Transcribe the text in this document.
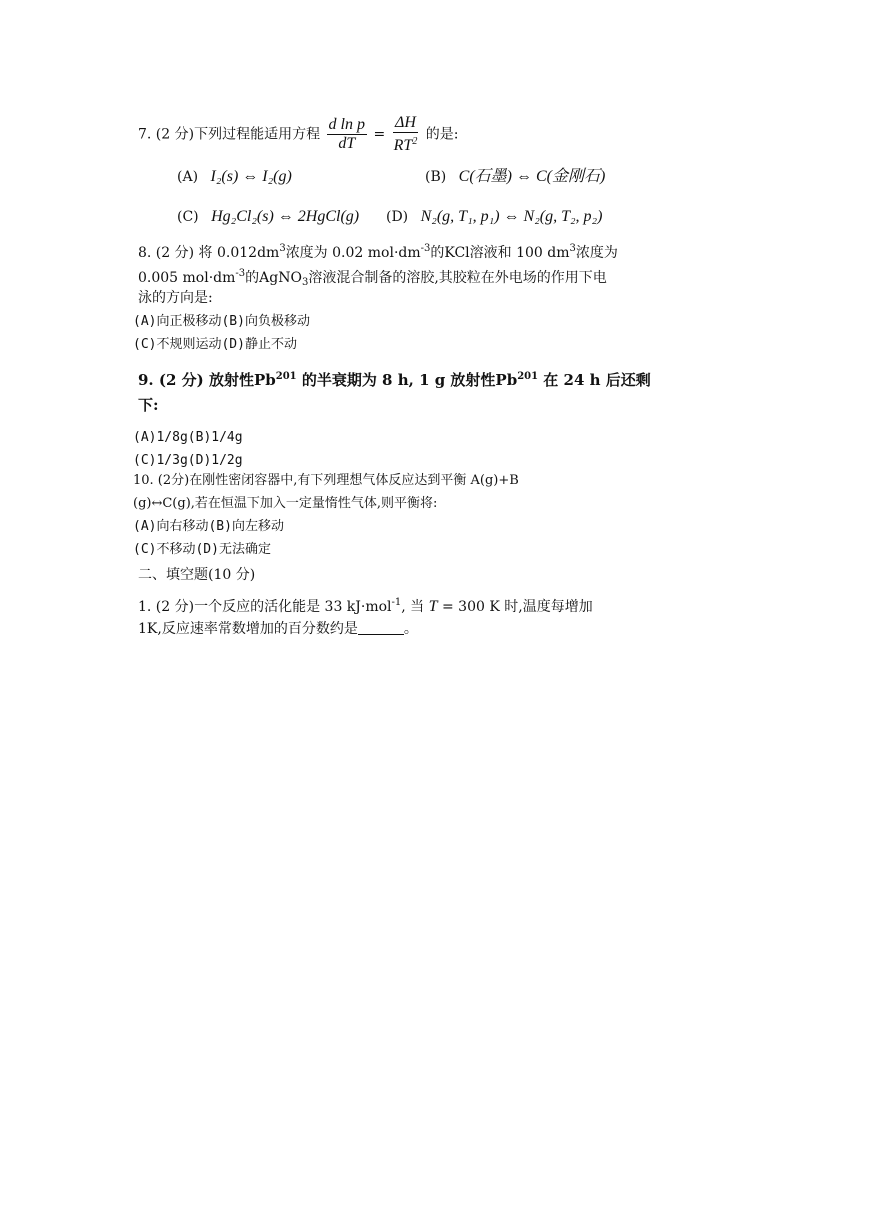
7. (2 分)下列过程能适用方程 $\frac{\text{d ln p}}{dT} = \frac{\Delta H}{RT^2}$ 的是:
(A) I₂(s) ⇔ I₂(g)	(B) C(石墨) ⇔ C(金刚石)
(C) Hg₂Cl₂(s) ⇔ 2HgCl(g) (D) N₂(g, T₁, p₁) ⇔ N₂(g, T₂, p₂)
8. (2 分) 将 $0.012dm^3$浓度为 0.02 $mol\cdot dm^{-3}$的KCl溶液和 100 $dm^3$浓度为
0.005 $mol\cdot dm^{-3}$的AgNO$_3$溶液混合制备的溶胶,其胶粒在外电场的作用下电
泳的方向是:
(A)向正极移动(B)向负极移动
(C)不规则运动(D)静止不动
9. (2 分) 放射性Pb$^{201}$ 的半衰期为 8 h, 1 g 放射性Pb$^{201}$ 在 24 h 后还剩
下:
(A)1/8g(B)1/4g
(C)1/3g(D)1/2g
10. (2分)在刚性密闭容器中,有下列理想气体反应达到平衡 A(g)+B
(g)↔C(g),若在恒温下加入一定量惰性气体,则平衡将:
(A)向右移动(B)向左移动
(C)不移动(D)无法确定
二、填空题(10 分)
1. (2 分)一个反应的活化能是 33 kJ·mol$^{-1}$, 当 T = 300 K 时,温度每增加
1K,反应速率常数增加的百分数约是	。
